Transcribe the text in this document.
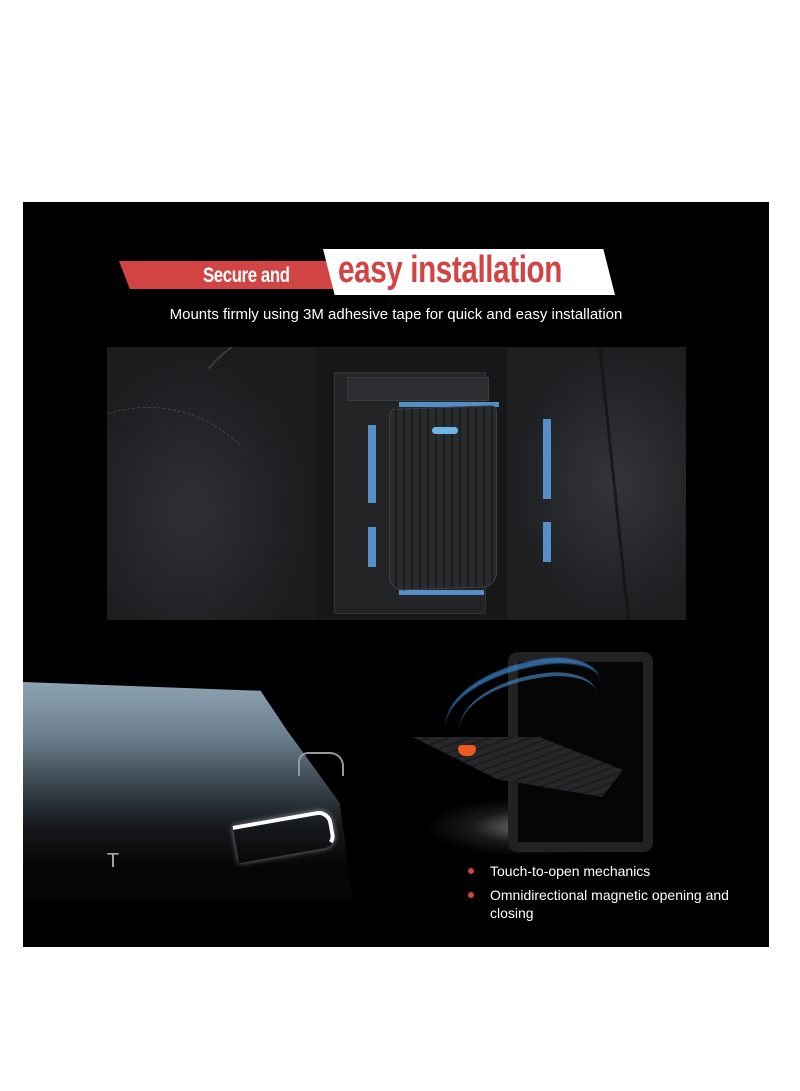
Secure and easy installation
Mounts firmly using 3M adhesive tape for quick and easy installation
T	Touch-to-open mechanics
Omnidirectional magnetic opening and closing
